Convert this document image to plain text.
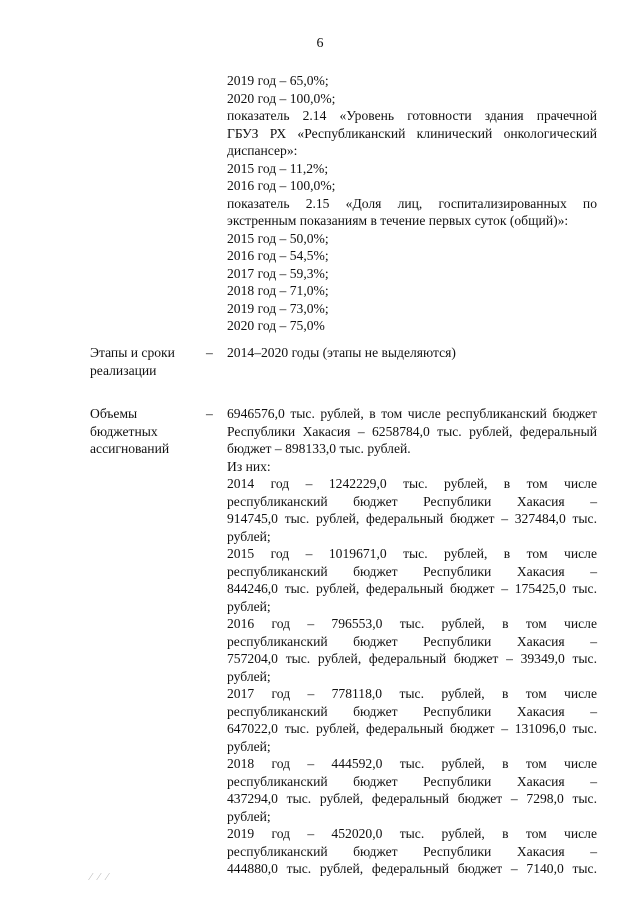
6

2019 год – 65,0%;

2020 год – 100,0%;

показатель 2.14 «Уровень готовности здания прачечной

ГБУЗ РХ «Республиканский клинический онкологический

диспансер»:

2015 год – 11,2%;

2016 год – 100,0%;

показатель 2.15 «Доля лиц, госпитализированных по

экстренным показаниям в течение первых суток (общий)»:

2015 год – 50,0%;

2016 год – 54,5%;

2017 год – 59,3%;

2018 год – 71,0%;

2019 год – 73,0%;

2020 год – 75,0%

Этапы и сроки
реализации
– 2014–2020 годы (этапы не выделяются)
Объемы
бюджетных
ассигнований
– 6946576,0 тыс. рублей, в том числе республиканский бюджет

Республики Хакасия – 6258784,0 тыс. рублей, федеральный

бюджет – 898133,0 тыс. рублей.

Из них:

2014 год – 1242229,0 тыс. рублей, в том числе

республиканский бюджет Республики Хакасия –

914745,0 тыс. рублей, федеральный бюджет – 327484,0 тыс.

рублей;

2015 год – 1019671,0 тыс. рублей, в том числе

республиканский бюджет Республики Хакасия –

844246,0 тыс. рублей, федеральный бюджет – 175425,0 тыс.

рублей;

2016 год – 796553,0 тыс. рублей, в том числе

республиканский бюджет Республики Хакасия –

757204,0 тыс. рублей, федеральный бюджет – 39349,0 тыс.

рублей;

2017 год – 778118,0 тыс. рублей, в том числе

республиканский бюджет Республики Хакасия –

647022,0 тыс. рублей, федеральный бюджет – 131096,0 тыс.

рублей;

2018 год – 444592,0 тыс. рублей, в том числе

республиканский бюджет Республики Хакасия –

437294,0 тыс. рублей, федеральный бюджет – 7298,0 тыс.

рублей;

2019 год – 452020,0 тыс. рублей, в том числе

республиканский бюджет Республики Хакасия –

444880,0 тыс. рублей, федеральный бюджет – 7140,0 тыс.

⁄ ⁄ ⁄
